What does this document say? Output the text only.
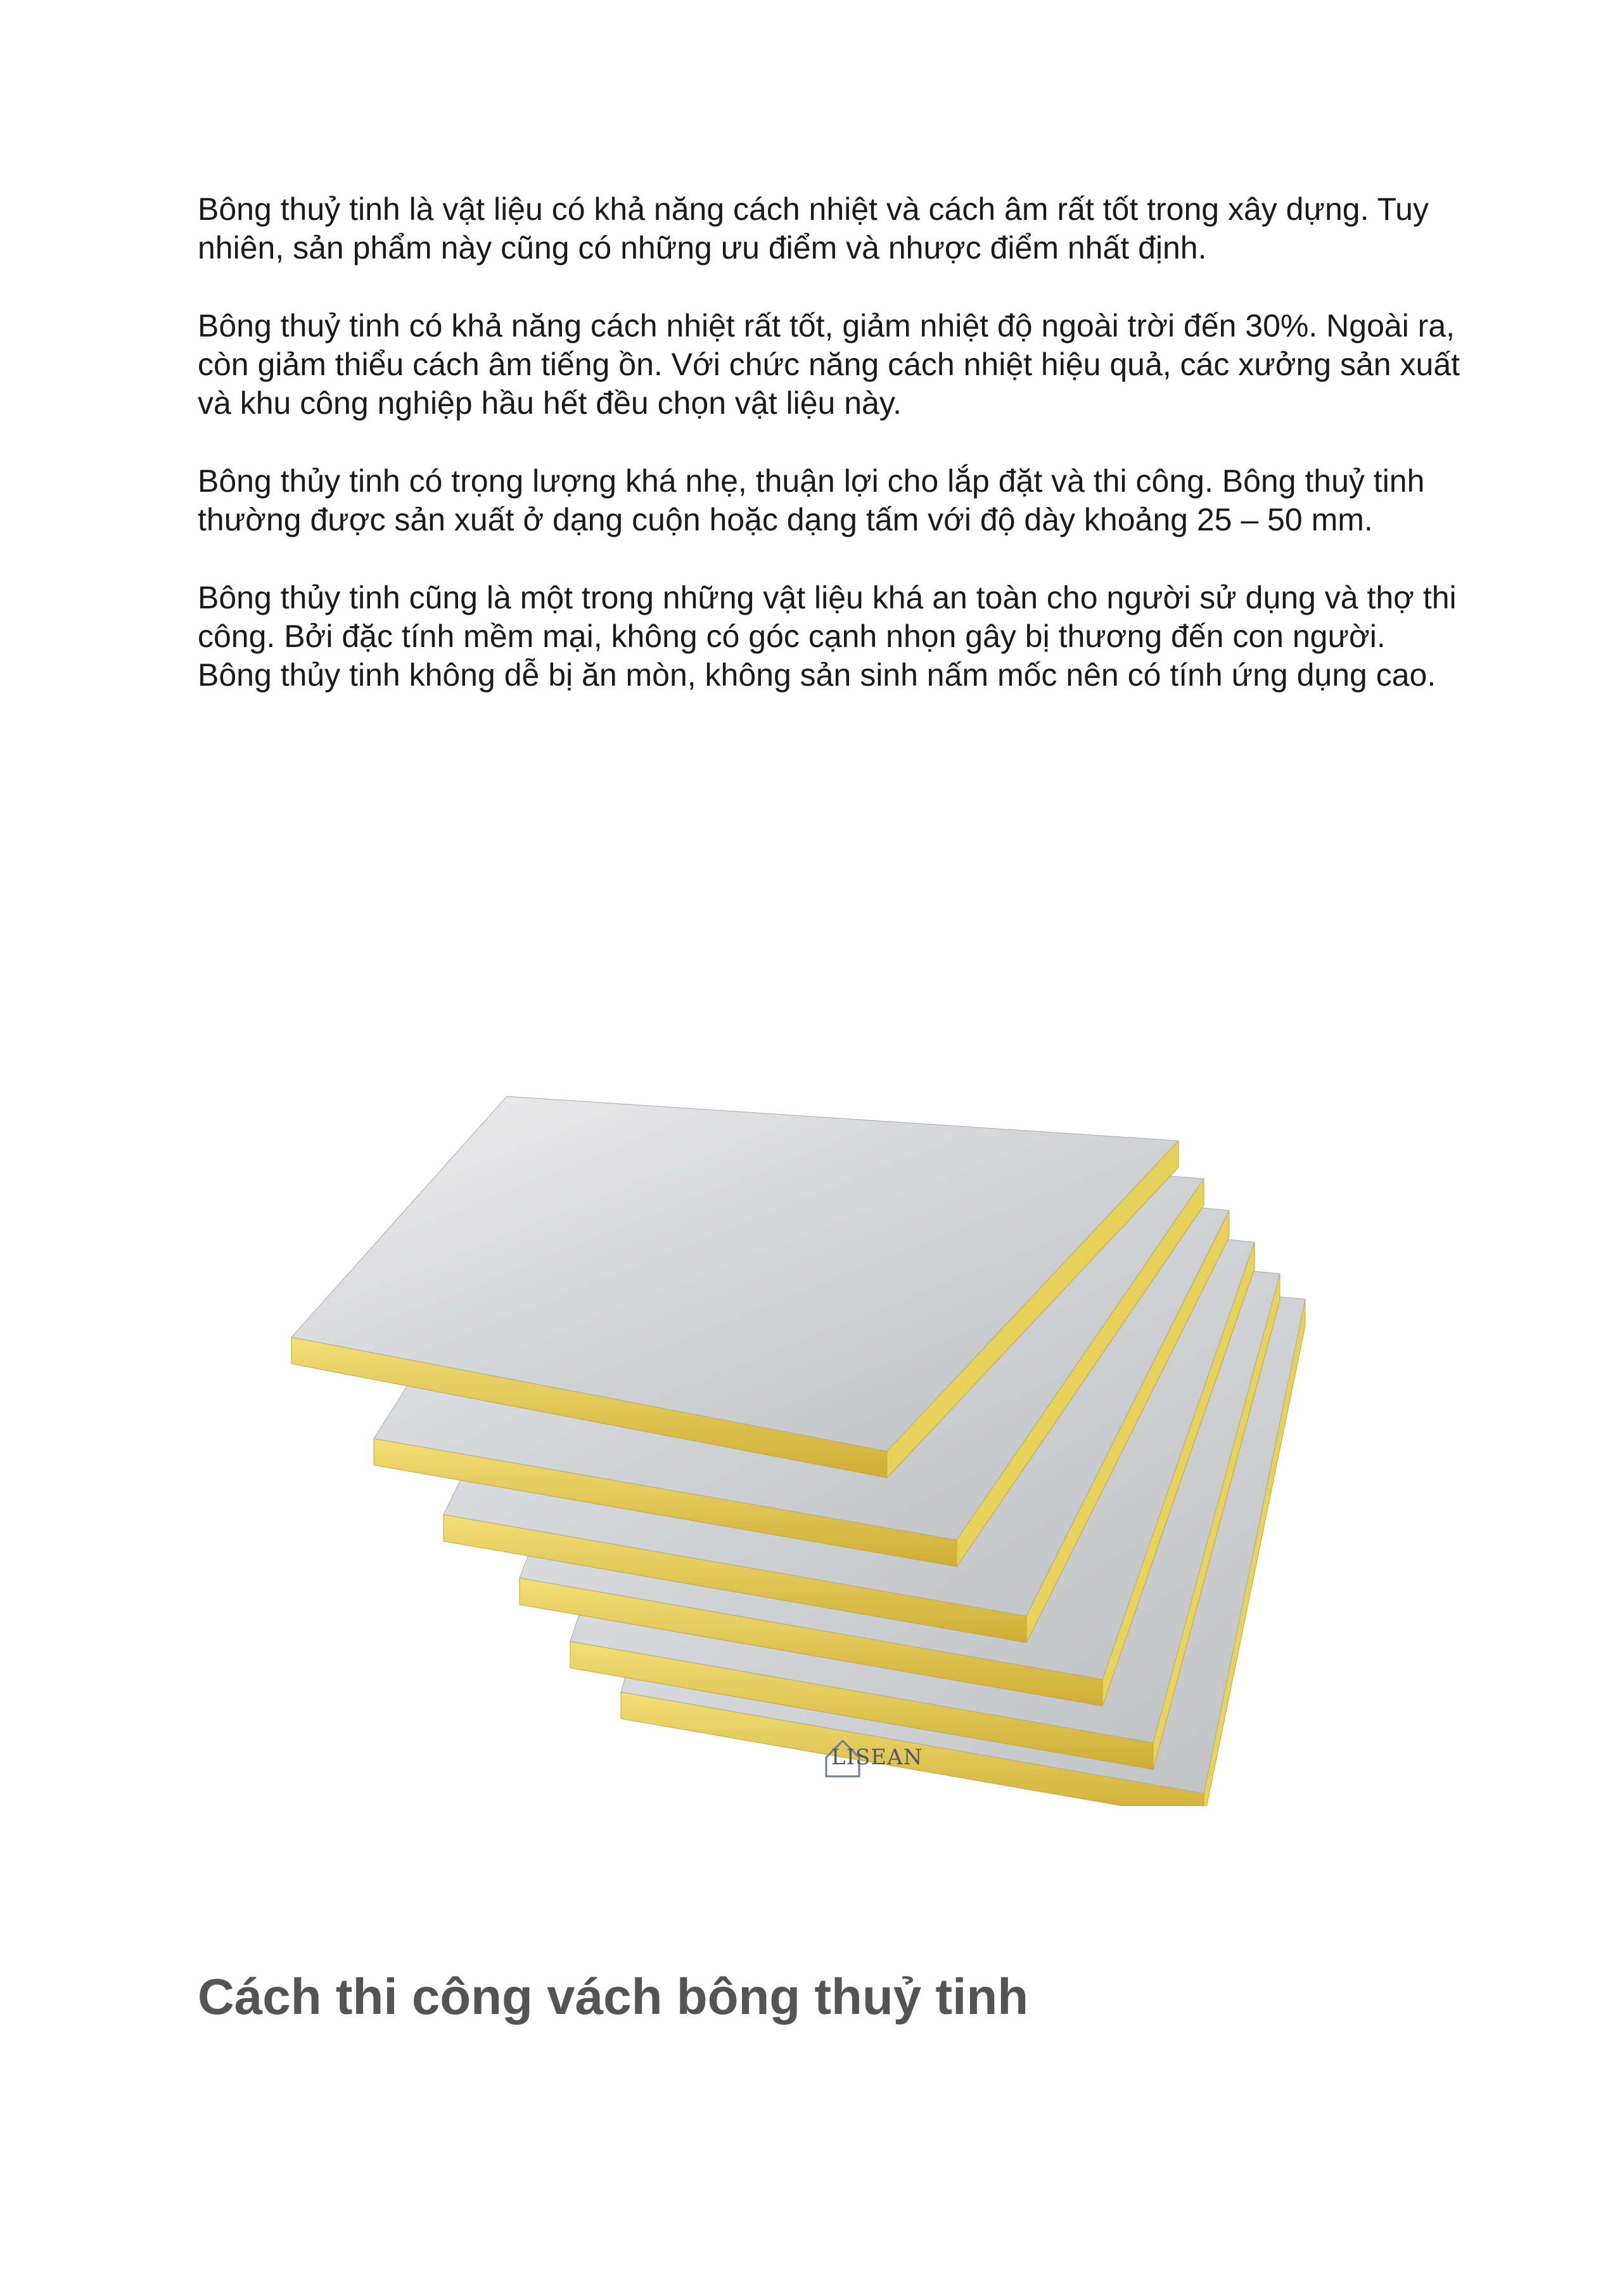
Bông thuỷ tinh là vật liệu có khả năng cách nhiệt và cách âm rất tốt trong xây dựng. Tuy nhiên, sản phẩm này cũng có những ưu điểm và nhược điểm nhất định.

Bông thuỷ tinh có khả năng cách nhiệt rất tốt, giảm nhiệt độ ngoài trời đến 30%. Ngoài ra, còn giảm thiểu cách âm tiếng ồn. Với chức năng cách nhiệt hiệu quả, các xưởng sản xuất và khu công nghiệp hầu hết đều chọn vật liệu này.

Bông thủy tinh có trọng lượng khá nhẹ, thuận lợi cho lắp đặt và thi công. Bông thuỷ tinh thường được sản xuất ở dạng cuộn hoặc dạng tấm với độ dày khoảng 25 – 50 mm.

Bông thủy tinh cũng là một trong những vật liệu khá an toàn cho người sử dụng và thợ thi công. Bởi đặc tính mềm mại, không có góc cạnh nhọn gây bị thương đến con người. Bông thủy tinh không dễ bị ăn mòn, không sản sinh nấm mốc nên có tính ứng dụng cao.

LISEAN
Cách thi công vách bông thuỷ tinh
